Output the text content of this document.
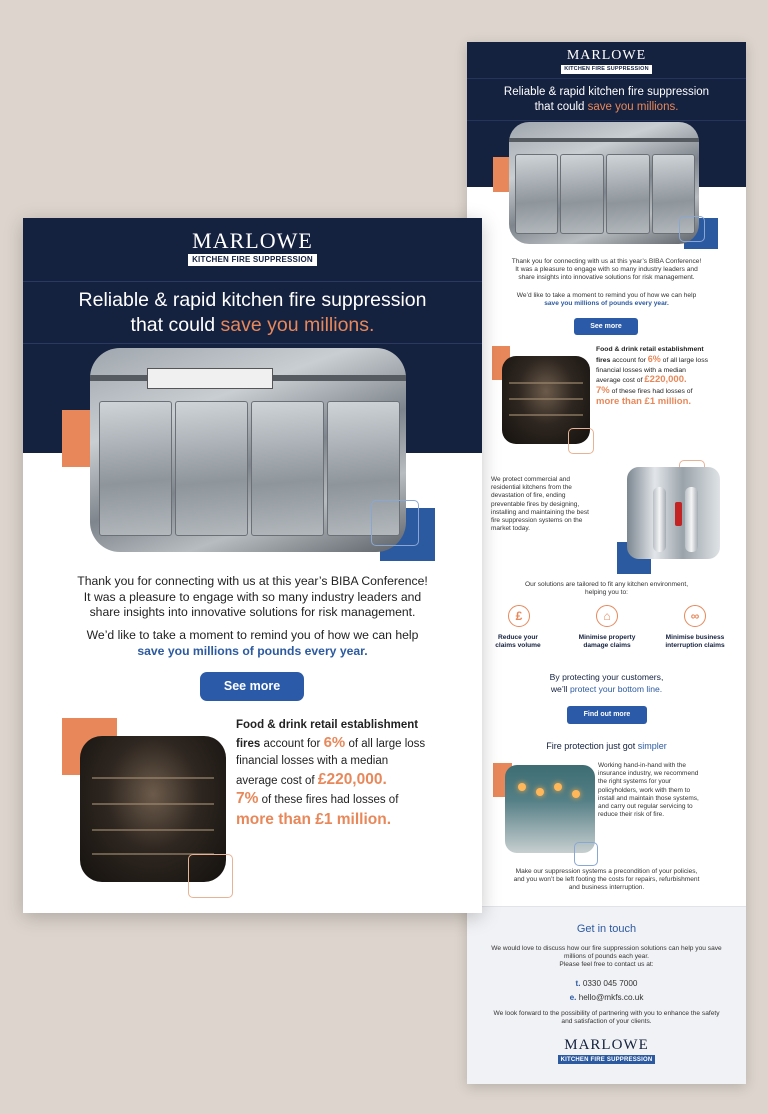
MARLOWE
KITCHEN FIRE SUPPRESSION
Reliable & rapid kitchen fire suppression
that could save you millions.
Thank you for connecting with us at this year’s BIBA Conference!
It was a pleasure to engage with so many industry leaders and
share insights into innovative solutions for risk management.
We’d like to take a moment to remind you of how we can help
save you millions of pounds every year.
See more
Food & drink retail establishment
fires account for 6% of all large loss
financial losses with a median
average cost of £220,000.
7% of these fires had losses of
more than £1 million.
We protect commercial and
residential kitchens from the
devastation of fire, ending
preventable fires by designing,
installing and maintaining the best
fire suppression systems on the
market today.
Our solutions are tailored to fit any kitchen environment,
helping you to:
£	⌂	∞
Reduce your
claims volume
Minimise property
damage claims
Minimise business
interruption claims
By protecting your customers,
we’ll protect your bottom line.
Find out more
Fire protection just got simpler
Working hand-in-hand with the
insurance industry, we recommend
the right systems for your
policyholders, work with them to
install and maintain those systems,
and carry out regular servicing to
reduce their risk of fire.
Make our suppression systems a precondition of your policies,
and you won’t be left footing the costs for repairs, refurbishment
and business interruption.
Get in touch
We would love to discuss how our fire suppression solutions can help you save
millions of pounds each year.
Please feel free to contact us at:
t. 0330 045 7000
e. hello@mkfs.co.uk
We look forward to the possibility of partnering with you to enhance the safety
and satisfaction of your clients.
MARLOWE
KITCHEN FIRE SUPPRESSION
MARLOWE
KITCHEN FIRE SUPPRESSION
Reliable & rapid kitchen fire suppression
that could save you millions.
Thank you for connecting with us at this year’s BIBA Conference!
It was a pleasure to engage with so many industry leaders and
share insights into innovative solutions for risk management.
We’d like to take a moment to remind you of how we can help
save you millions of pounds every year.
See more
Food & drink retail establishment
fires account for 6% of all large loss
financial losses with a median
average cost of £220,000.
7% of these fires had losses of
more than £1 million.
